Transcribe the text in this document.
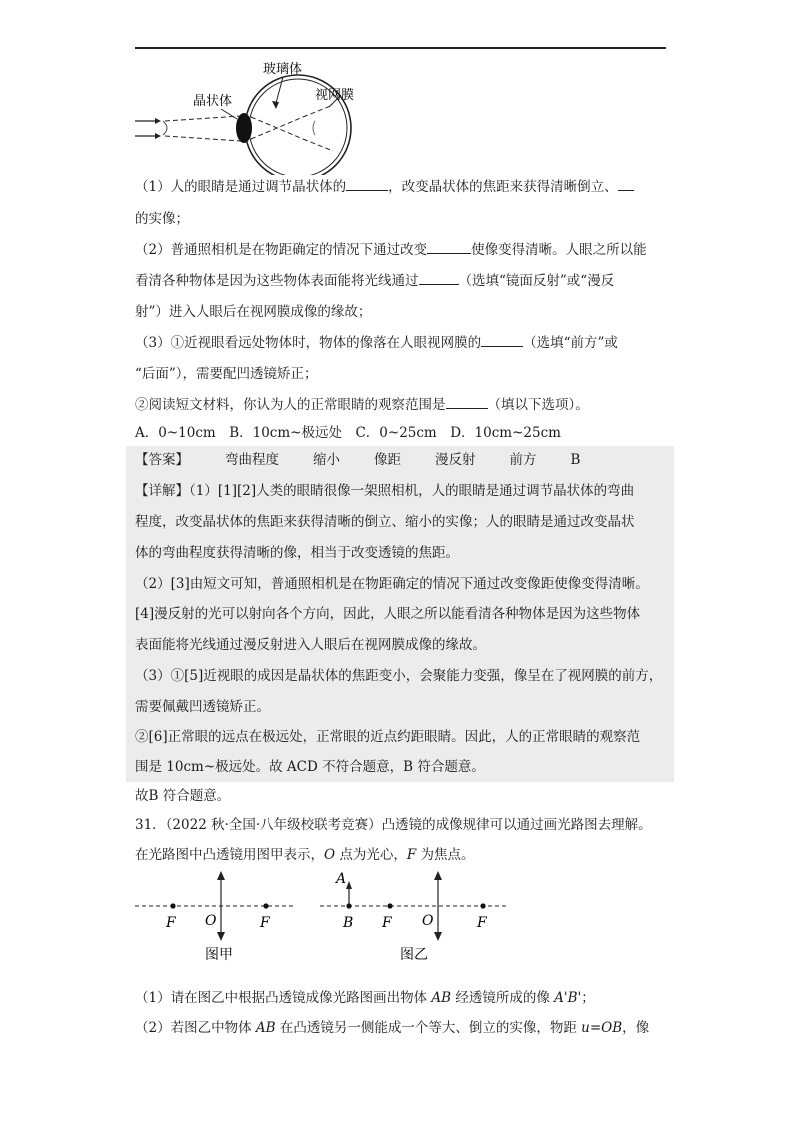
玻璃体
晶状体	视网膜
（1）人的眼睛是通过调节晶状体的	，改变晶状体的焦距来获得清晰倒立、
的实像；
（2）普通照相机是在物距确定的情况下通过改变	使像变得清晰。人眼之所以能
看清各种物体是因为这些物体表面能将光线通过	（选填“镜面反射”或“漫反
射”）进入人眼后在视网膜成像的缘故；
（3）①近视眼看远处物体时，物体的像落在人眼视网膜的	（选填“前方”或
“后面”），需要配凹透镜矫正；
②阅读短文材料，你认为人的正常眼睛的观察范围是	（填以下选项）。
A．0~10cm　B．10cm~极远处　C．0~25cm　D．10cm~25cm
【答案】	弯曲程度	缩小	像距	漫反射	前方	B
【详解】（1）[1][2]人类的眼睛很像一架照相机，人的眼睛是通过调节晶状体的弯曲
程度，改变晶状体的焦距来获得清晰的倒立、缩小的实像；人的眼睛是通过改变晶状
体的弯曲程度获得清晰的像，相当于改变透镜的焦距。
（2）[3]由短文可知，普通照相机是在物距确定的情况下通过改变像距使像变得清晰。
[4]漫反射的光可以射向各个方向，因此，人眼之所以能看清各种物体是因为这些物体
表面能将光线通过漫反射进入人眼后在视网膜成像的缘故。
（3）①[5]近视眼的成因是晶状体的焦距变小，会聚能力变强，像呈在了视网膜的前方，
需要佩戴凹透镜矫正。
②[6]正常眼的远点在极远处，正常眼的近点约距眼睛。因此，人的正常眼睛的观察范
围是 10cm~极远处。故 ACD 不符合题意，B 符合题意。
故B 符合题意。
31．（2022 秋·全国·八年级校联考竞赛）凸透镜的成像规律可以通过画光路图去理解。
在光路图中凸透镜用图甲表示，O 点为光心，F 为焦点。
F O	F
图甲
A
B F O	F
图乙
（1）请在图乙中根据凸透镜成像光路图画出物体 AB 经透镜所成的像 A'B'；
（2）若图乙中物体 AB 在凸透镜另一侧能成一个等大、倒立的实像，物距 u=OB，像
